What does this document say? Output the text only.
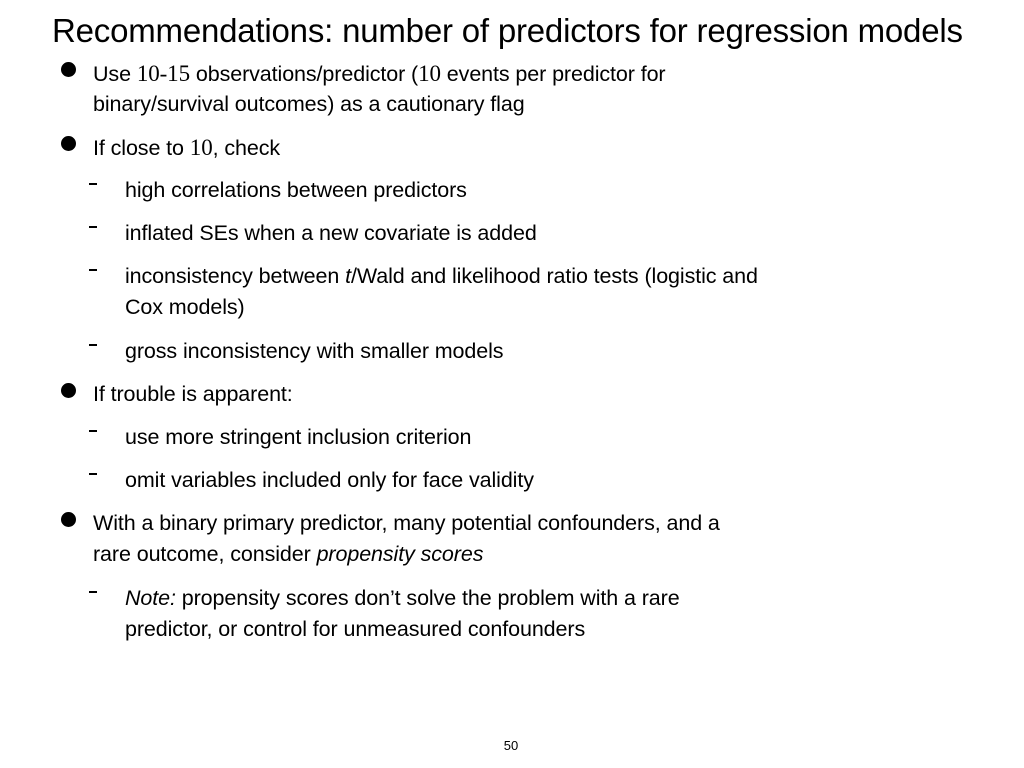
Recommendations: number of predictors for regression models
Use 10-15 observations/predictor (10 events per predictor for
binary/survival outcomes) as a cautionary flag
If close to 10, check
high correlations between predictors
inflated SEs when a new covariate is added
inconsistency between t/Wald and likelihood ratio tests (logistic and
Cox models)
gross inconsistency with smaller models
If trouble is apparent:
use more stringent inclusion criterion
omit variables included only for face validity
With a binary primary predictor, many potential confounders, and a
rare outcome, consider propensity scores
Note: propensity scores don’t solve the problem with a rare
predictor, or control for unmeasured confounders
50
